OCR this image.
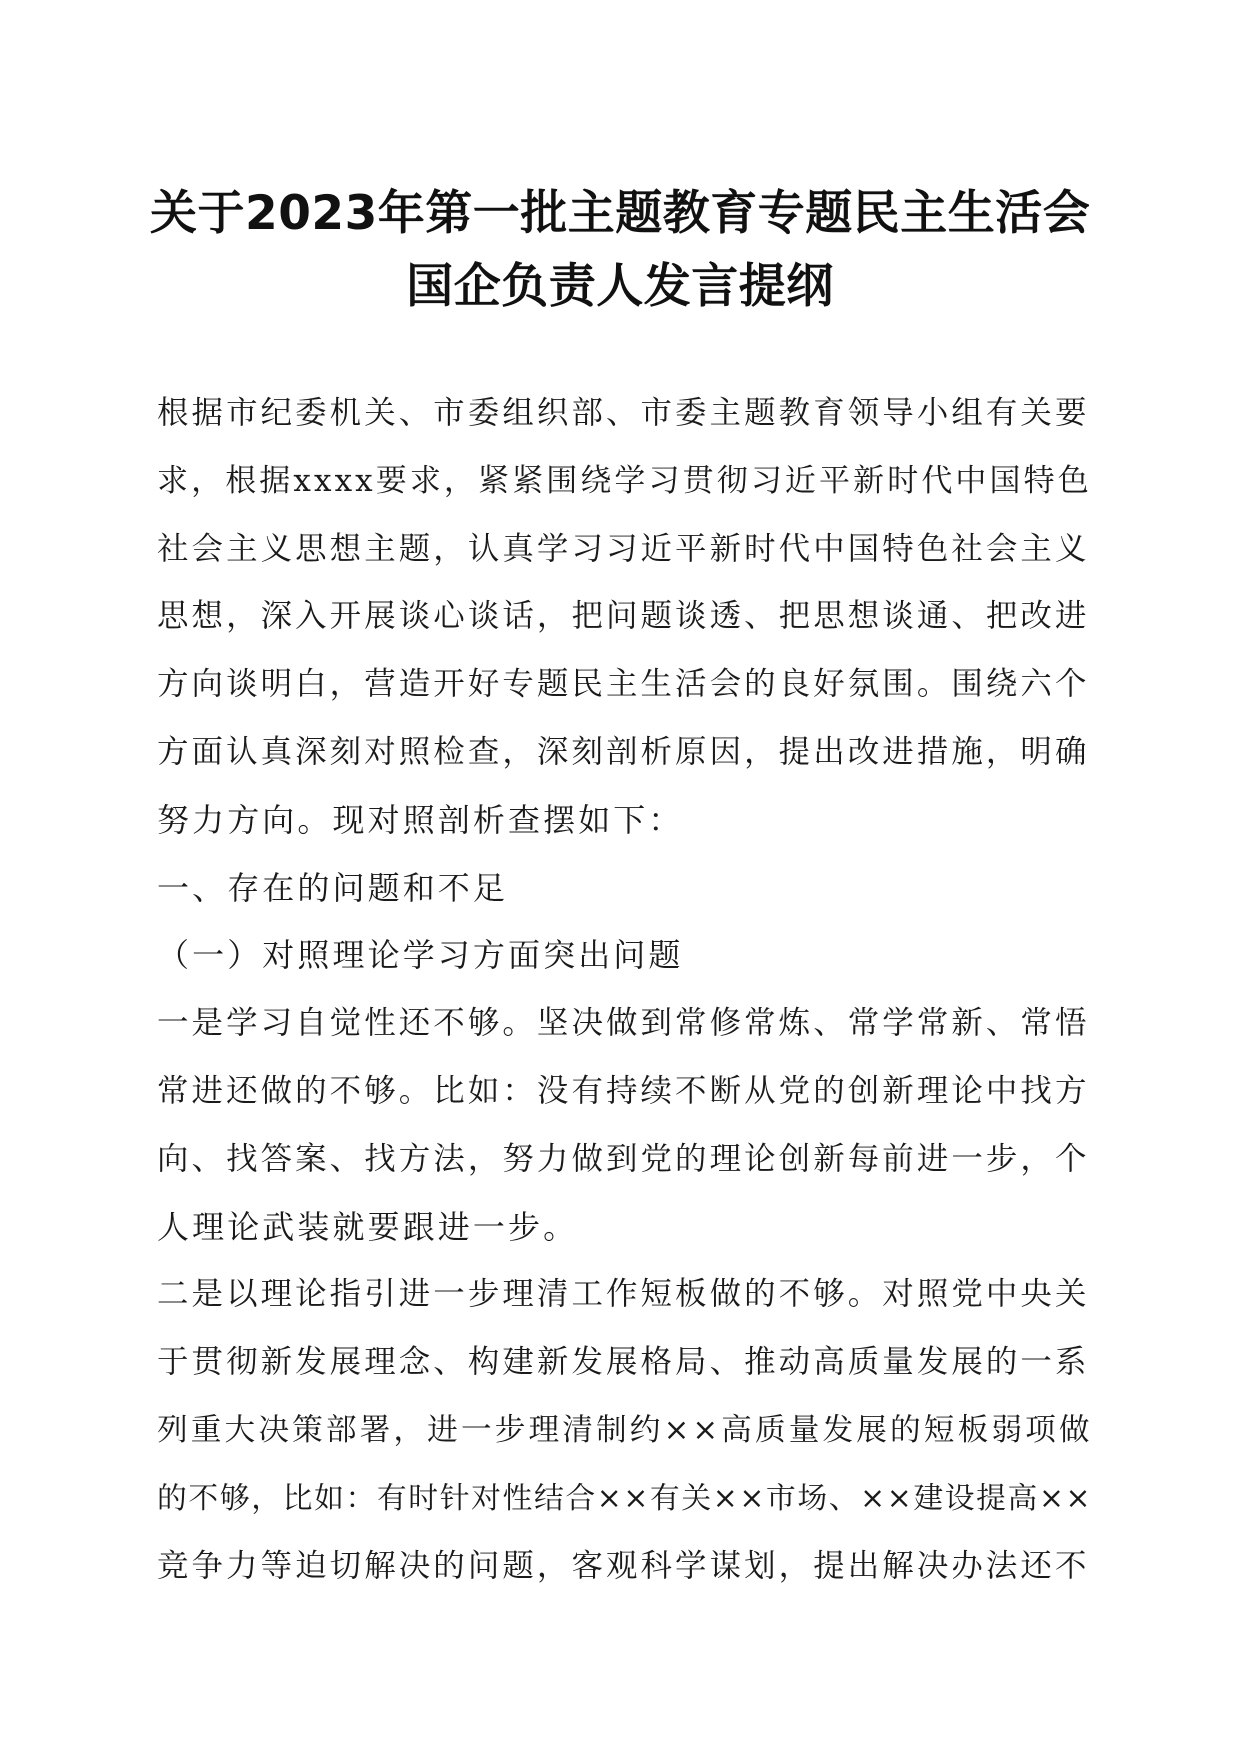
关于2023年第一批主题教育专题民主生活会
国企负责人发言提纲
根据市纪委机关、市委组织部、市委主题教育领导小组有关要
求，根据xxxx要求，紧紧围绕学习贯彻习近平新时代中国特色
社会主义思想主题，认真学习习近平新时代中国特色社会主义
思想，深入开展谈心谈话，把问题谈透、把思想谈通、把改进
方向谈明白，营造开好专题民主生活会的良好氛围。围绕六个
方面认真深刻对照检查，深刻剖析原因，提出改进措施，明确
努力方向。现对照剖析查摆如下：
一、存在的问题和不足
（一）对照理论学习方面突出问题
一是学习自觉性还不够。坚决做到常修常炼、常学常新、常悟
常进还做的不够。比如：没有持续不断从党的创新理论中找方
向、找答案、找方法，努力做到党的理论创新每前进一步，个
人理论武装就要跟进一步。
二是以理论指引进一步理清工作短板做的不够。对照党中央关
于贯彻新发展理念、构建新发展格局、推动高质量发展的一系
列重大决策部署，进一步理清制约××高质量发展的短板弱项做
的不够，比如：有时针对性结合××有关××市场、××建设提高××
竞争力等迫切解决的问题，客观科学谋划，提出解决办法还不
